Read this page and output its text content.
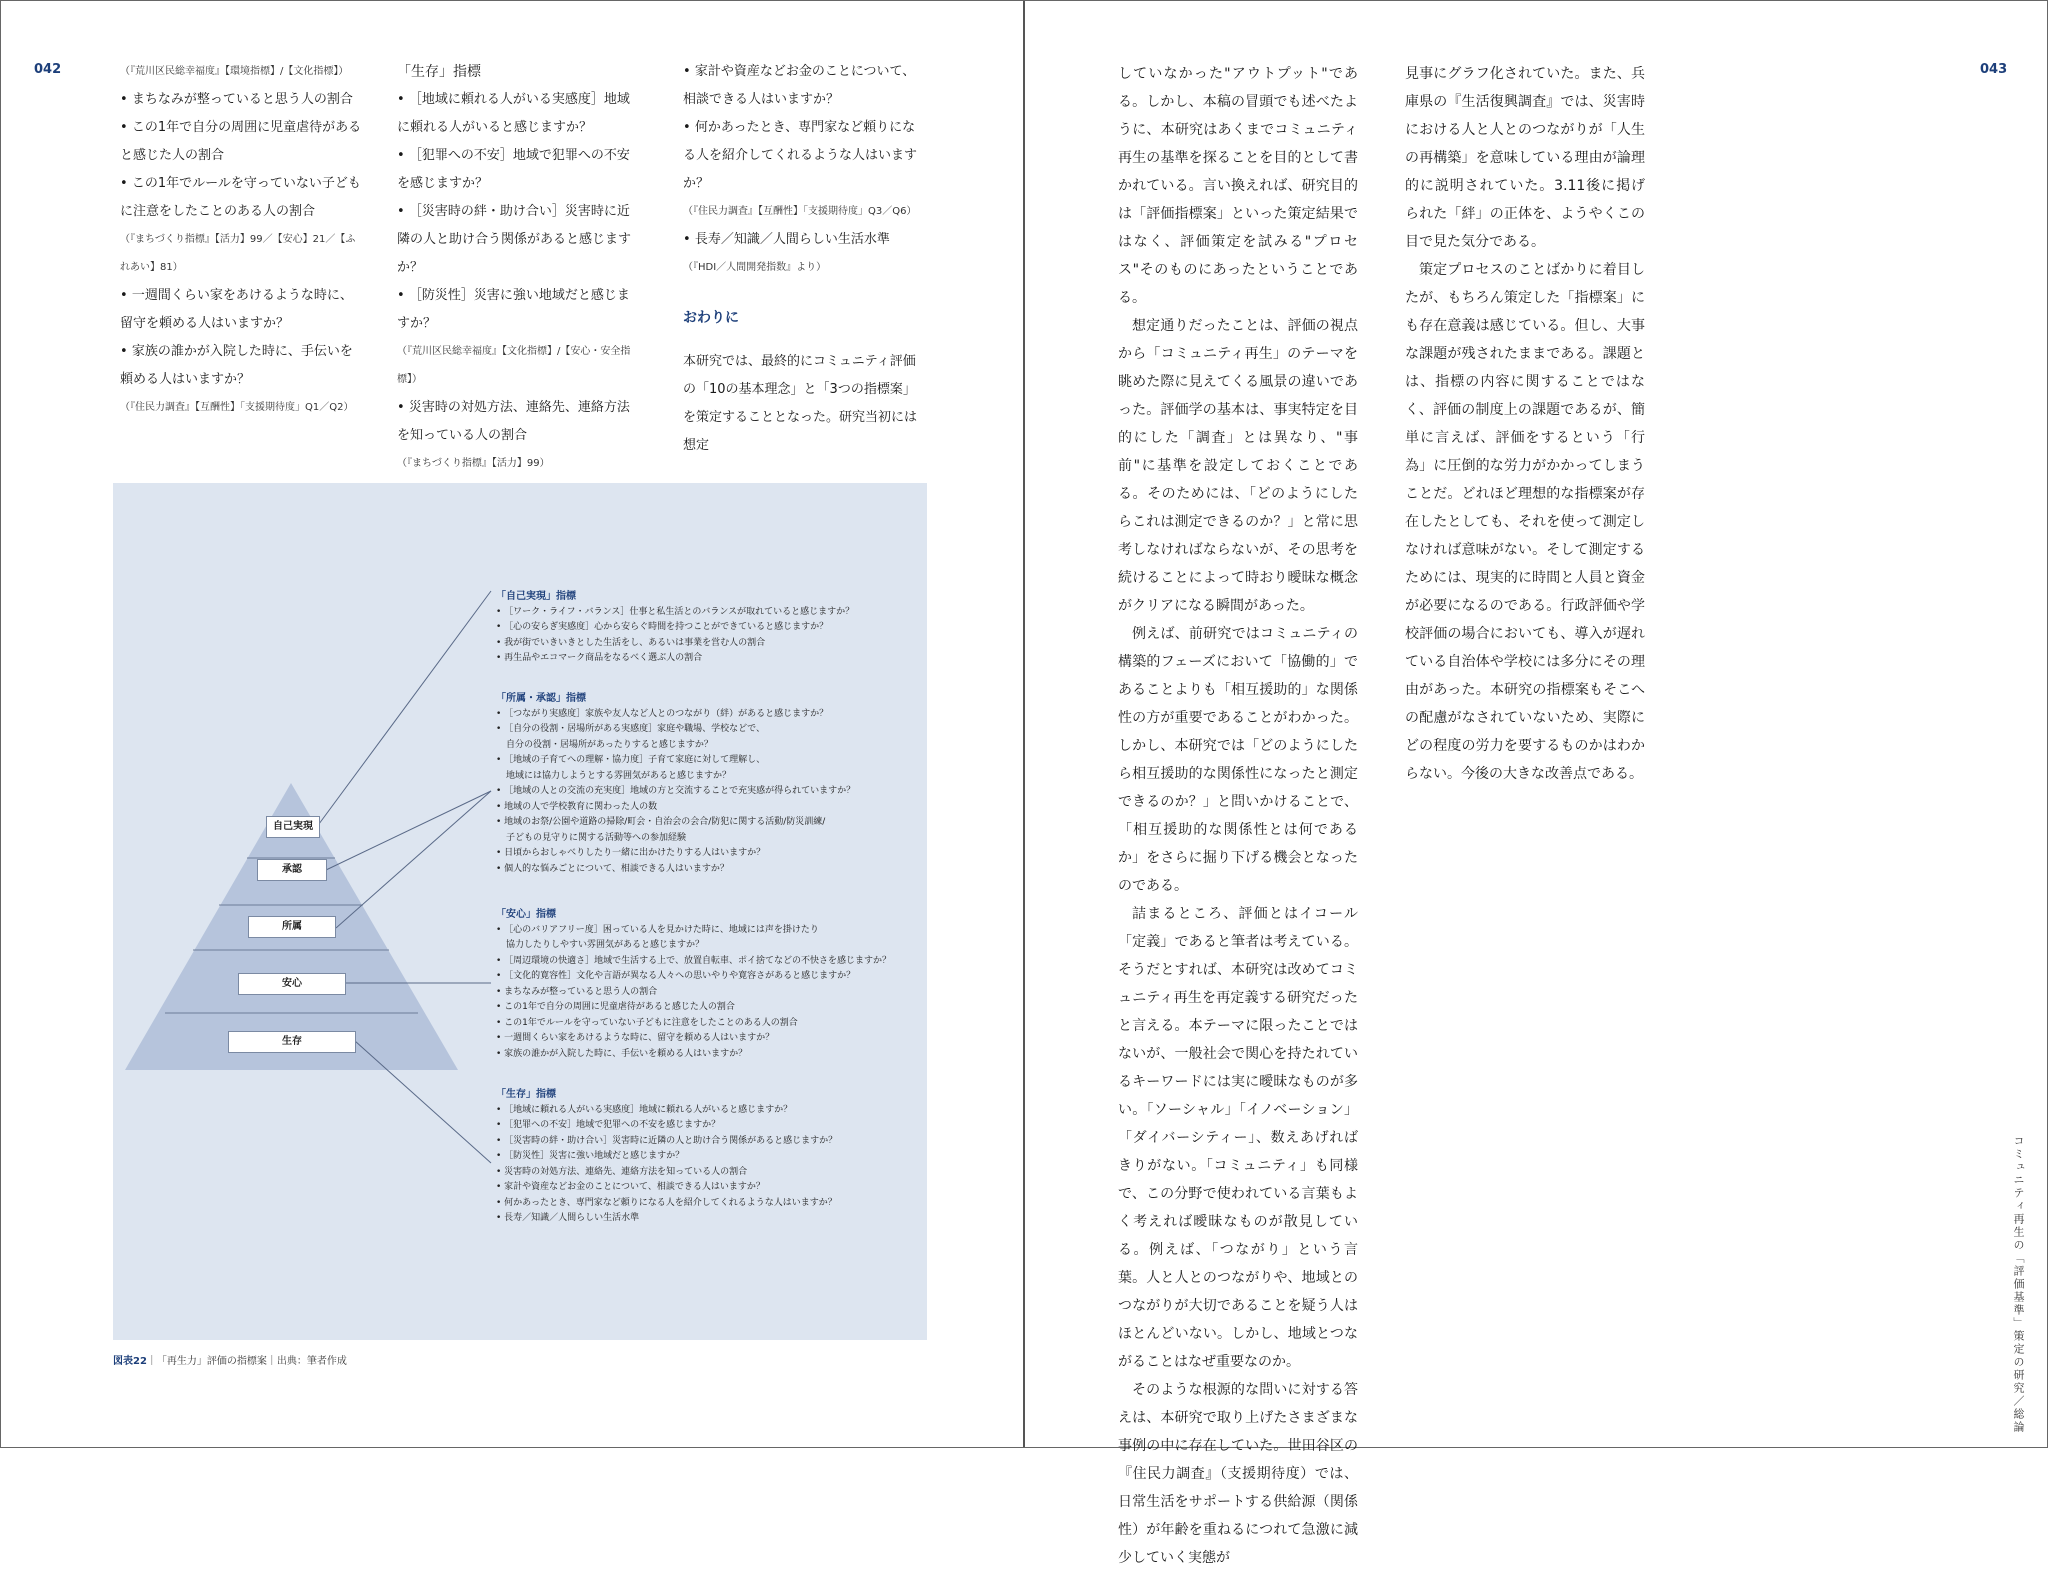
042	043
（『荒川区民総幸福度』【環境指標】/【文化指標】）
• まちなみが整っていると思う人の割合
• この1年で自分の周囲に児童虐待があると感じた人の割合
• この1年でルールを守っていない子どもに注意をしたことのある人の割合
（『まちづくり指標』【活力】99／【安心】21／【ふれあい】81）
• 一週間くらい家をあけるような時に、留守を頼める人はいますか？
• 家族の誰かが入院した時に、手伝いを頼める人はいますか？
（『住民力調査』【互酬性】「支援期待度」Q1／Q2）
「生存」指標
• ［地域に頼れる人がいる実感度］地域に頼れる人がいると感じますか？
• ［犯罪への不安］地域で犯罪への不安を感じますか？
• ［災害時の絆・助け合い］災害時に近隣の人と助け合う関係があると感じますか？
• ［防災性］災害に強い地域だと感じますか？
（『荒川区民総幸福度』【文化指標】/【安心・安全指標】）
• 災害時の対処方法、連絡先、連絡方法を知っている人の割合
（『まちづくり指標』【活力】99）
• 家計や資産などお金のことについて、相談できる人はいますか？
• 何かあったとき、専門家など頼りになる人を紹介してくれるような人はいますか？
（『住民力調査』【互酬性】「支援期待度」Q3／Q6）
• 長寿／知識／人間らしい生活水準
（『HDI／人間開発指数』より）
おわりに

本研究では、最終的にコミュニティ評価の「10の基本理念」と「3つの指標案」を策定することとなった。研究当初には想定

自己実現
承認
所属
安心
生存
「自己実現」指標
• ［ワーク・ライフ・バランス］仕事と私生活とのバランスが取れていると感じますか？
• ［心の安らぎ実感度］心から安らぐ時間を持つことができていると感じますか？
• 我が街でいきいきとした生活をし、あるいは事業を営む人の割合
• 再生品やエコマーク商品をなるべく選ぶ人の割合
「所属・承認」指標
• ［つながり実感度］家族や友人など人とのつながり（絆）があると感じますか？
• ［自分の役割・居場所がある実感度］家庭や職場、学校などで、
自分の役割・居場所があったりすると感じますか？
• ［地域の子育てへの理解・協力度］子育て家庭に対して理解し、
地域には協力しようとする雰囲気があると感じますか？
• ［地域の人との交流の充実度］地域の方と交流することで充実感が得られていますか？
• 地域の人で学校教育に関わった人の数
• 地域のお祭/公園や道路の掃除/町会・自治会の会合/防犯に関する活動/防災訓練/
子どもの見守りに関する活動等への参加経験
• 日頃からおしゃべりしたり一緒に出かけたりする人はいますか？
• 個人的な悩みごとについて、相談できる人はいますか？
「安心」指標
• ［心のバリアフリー度］困っている人を見かけた時に、地域には声を掛けたり
協力したりしやすい雰囲気があると感じますか？
• ［周辺環境の快適さ］地域で生活する上で、放置自転車、ポイ捨てなどの不快さを感じますか？
• ［文化的寛容性］文化や言語が異なる人々への思いやりや寛容さがあると感じますか？
• まちなみが整っていると思う人の割合
• この1年で自分の周囲に児童虐待があると感じた人の割合
• この1年でルールを守っていない子どもに注意をしたことのある人の割合
• 一週間くらい家をあけるような時に、留守を頼める人はいますか？
• 家族の誰かが入院した時に、手伝いを頼める人はいますか？
「生存」指標
• ［地域に頼れる人がいる実感度］地域に頼れる人がいると感じますか？
• ［犯罪への不安］地域で犯罪への不安を感じますか？
• ［災害時の絆・助け合い］災害時に近隣の人と助け合う関係があると感じますか？
• ［防災性］災害に強い地域だと感じますか？
• 災害時の対処方法、連絡先、連絡方法を知っている人の割合
• 家計や資産などお金のことについて、相談できる人はいますか？
• 何かあったとき、専門家など頼りになる人を紹介してくれるような人はいますか？
• 長寿／知識／人間らしい生活水準
図表22｜「再生力」評価の指標案｜出典：筆者作成

していなかった"アウトプット"である。しかし、本稿の冒頭でも述べたように、本研究はあくまでコミュニティ再生の基準を探ることを目的として書かれている。言い換えれば、研究目的は「評価指標案」といった策定結果ではなく、評価策定を試みる"プロセス"そのものにあったということである。

想定通りだったことは、評価の視点から「コミュニティ再生」のテーマを眺めた際に見えてくる風景の違いであった。評価学の基本は、事実特定を目的にした「調査」とは異なり、"事前"に基準を設定しておくことである。そのためには、「どのようにしたらこれは測定できるのか？」と常に思考しなければならないが、その思考を続けることによって時おり曖昧な概念がクリアになる瞬間があった。

例えば、前研究ではコミュニティの構築的フェーズにおいて「協働的」であることよりも「相互援助的」な関係性の方が重要であることがわかった。しかし、本研究では「どのようにしたら相互援助的な関係性になったと測定できるのか？」と問いかけることで、「相互援助的な関係性とは何であるか」をさらに掘り下げる機会となったのである。

詰まるところ、評価とはイコール「定義」であると筆者は考えている。そうだとすれば、本研究は改めてコミュニティ再生を再定義する研究だったと言える。本テーマに限ったことではないが、一般社会で関心を持たれているキーワードには実に曖昧なものが多い。「ソーシャル」「イノベーション」「ダイバーシティー」、数えあげればきりがない。「コミュニティ」も同様で、この分野で使われている言葉もよく考えれば曖昧なものが散見している。例えば、「つながり」という言葉。人と人とのつながりや、地域とのつながりが大切であることを疑う人はほとんどいない。しかし、地域とつながることはなぜ重要なのか。

そのような根源的な問いに対する答えは、本研究で取り上げたさまざまな事例の中に存在していた。世田谷区の『住民力調査』（支援期待度）では、日常生活をサポートする供給源（関係性）が年齢を重ねるにつれて急激に減少していく実態が

見事にグラフ化されていた。また、兵庫県の『生活復興調査』では、災害時における人と人とのつながりが「人生の再構築」を意味している理由が論理的に説明されていた。3.11後に掲げられた「絆」の正体を、ようやくこの目で見た気分である。

策定プロセスのことばかりに着目したが、もちろん策定した「指標案」にも存在意義は感じている。但し、大事な課題が残されたままである。課題とは、指標の内容に関することではなく、評価の制度上の課題であるが、簡単に言えば、評価をするという「行為」に圧倒的な労力がかかってしまうことだ。どれほど理想的な指標案が存在したとしても、それを使って測定しなければ意味がない。そして測定するためには、現実的に時間と人員と資金が必要になるのである。行政評価や学校評価の場合においても、導入が遅れている自治体や学校には多分にその理由があった。本研究の指標案もそこへの配慮がなされていないため、実際にどの程度の労力を要するものかはわからない。今後の大きな改善点である。

コミュニティ再生の「評価基準」策定の研究／総論
